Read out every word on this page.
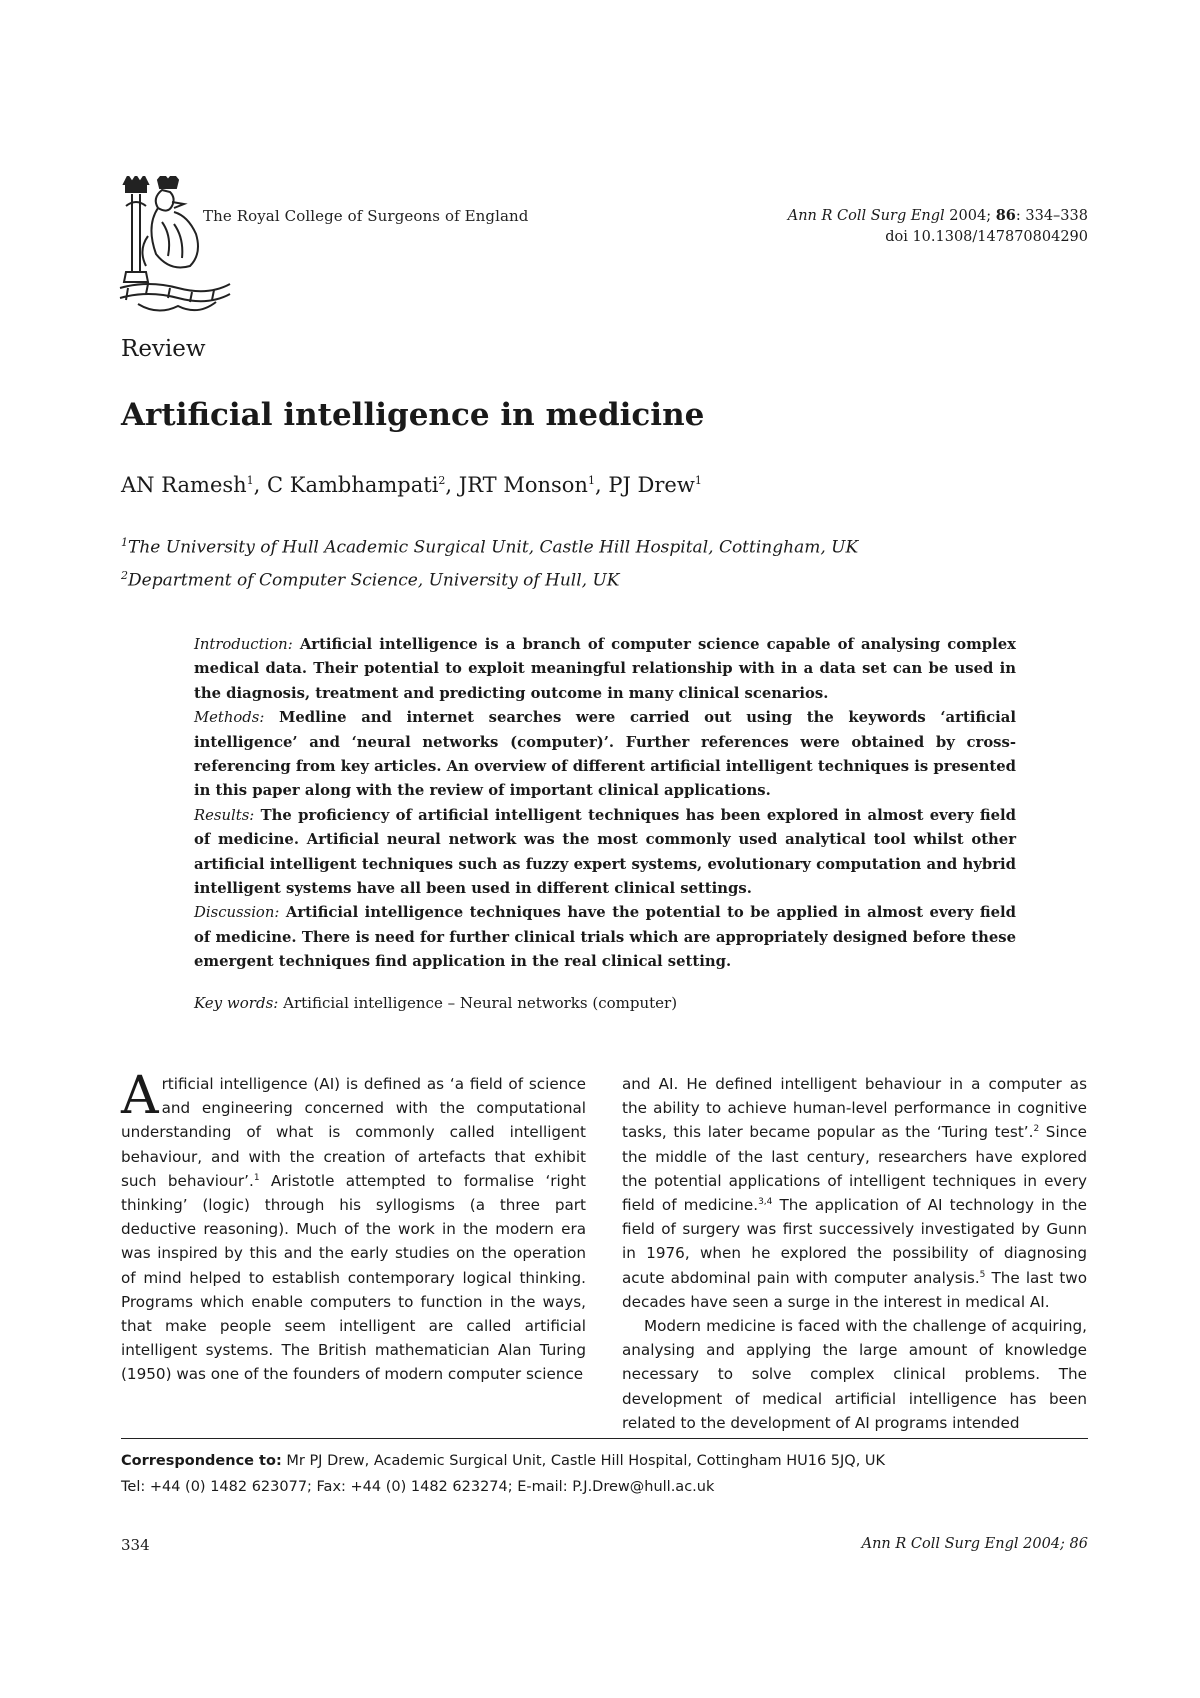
The Royal College of Surgeons of England	Ann R Coll Surg Engl 2004; 86: 334–338
doi 10.1308/147870804290
Review
Artificial intelligence in medicine
AN Ramesh$^1$, C Kambhampati$^2$, JRT Monson$^1$, PJ Drew$^1$
$^1$The University of Hull Academic Surgical Unit, Castle Hill Hospital, Cottingham, UK
$^2$Department of Computer Science, University of Hull, UK

Introduction: Artificial intelligence is a branch of computer science capable of analysing complex medical data. Their potential to exploit meaningful relationship with in a data set can be used in the diagnosis, treatment and predicting outcome in many clinical scenarios.

Methods: Medline and internet searches were carried out using the keywords ‘artificial intelligence’ and ‘neural networks (computer)’. Further references were obtained by cross-referencing from key articles. An overview of different artificial intelligent techniques is presented in this paper along with the review of important clinical applications.

Results: The proficiency of artificial intelligent techniques has been explored in almost every field of medicine. Artificial neural network was the most commonly used analytical tool whilst other artificial intelligent techniques such as fuzzy expert systems, evolutionary computation and hybrid intelligent systems have all been used in different clinical settings.

Discussion: Artificial intelligence techniques have the potential to be applied in almost every field of medicine. There is need for further clinical trials which are appropriately designed before these emergent techniques find application in the real clinical setting.

Key words: Artificial intelligence – Neural networks (computer)

Artificial intelligence (AI) is defined as ‘a field of science and engineering concerned with the computational understanding of what is commonly called intelligent behaviour, and with the creation of artefacts that exhibit such behaviour’.$^1$ Aristotle attempted to formalise ‘right thinking’ (logic) through his syllogisms (a three part deductive reasoning). Much of the work in the modern era was inspired by this and the early studies on the operation of mind helped to establish contemporary logical thinking. Programs which enable computers to function in the ways, that make people seem intelligent are called artificial intelligent systems. The British mathematician Alan Turing (1950) was one of the founders of modern computer science

and AI. He defined intelligent behaviour in a computer as the ability to achieve human-level performance in cognitive tasks, this later became popular as the ‘Turing test’.$^2$ Since the middle of the last century, researchers have explored the potential applications of intelligent techniques in every field of medicine.$^{3,4}$ The application of AI technology in the field of surgery was first successively investigated by Gunn in 1976, when he explored the possibility of diagnosing acute abdominal pain with computer analysis.$^5$ The last two decades have seen a surge in the interest in medical AI.

Modern medicine is faced with the challenge of acquiring, analysing and applying the large amount of knowledge necessary to solve complex clinical problems. The development of medical artificial intelligence has been related to the development of AI programs intended

Correspondence to: Mr PJ Drew, Academic Surgical Unit, Castle Hill Hospital, Cottingham HU16 5JQ, UK
Tel: +44 (0) 1482 623077; Fax: +44 (0) 1482 623274; E-mail: P.J.Drew@hull.ac.uk
334	Ann R Coll Surg Engl 2004; 86
